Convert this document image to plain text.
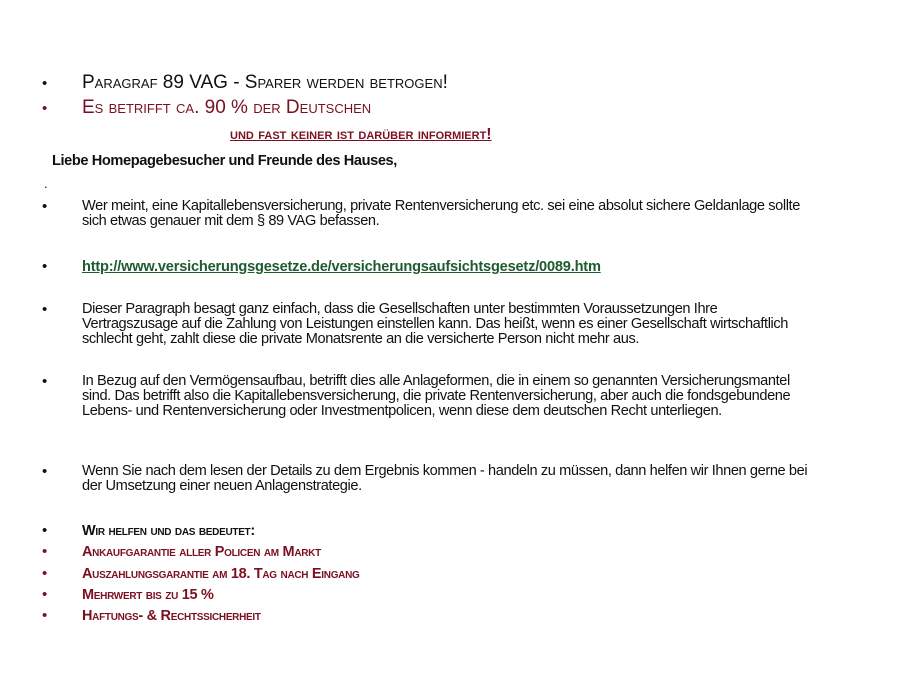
• Paragraf 89 VAG - Sparer werden betrogen!
• Es betrifft ca. 90 % der Deutschen
und fast keiner ist darüber informiert!
Liebe Homepagebesucher und Freunde des Hauses,
.
• Wer meint, eine Kapitallebensversicherung, private Rentenversicherung etc. sei eine absolut sichere Geldanlage sollte sich etwas genauer mit dem § 89 VAG befassen.
• http://www.versicherungsgesetze.de/versicherungsaufsichtsgesetz/0089.htm
• Dieser Paragraph besagt ganz einfach, dass die Gesellschaften unter bestimmten Voraussetzungen Ihre Vertragszusage auf die Zahlung von Leistungen einstellen kann. Das heißt, wenn es einer Gesellschaft wirtschaftlich schlecht geht, zahlt diese die private Monatsrente an die versicherte Person nicht mehr aus.
• In Bezug auf den Vermögensaufbau, betrifft dies alle Anlageformen, die in einem so genannten Versicherungsmantel sind. Das betrifft also die Kapitallebensversicherung, die private Rentenversicherung, aber auch die fondsgebundene Lebens- und Rentenversicherung oder Investmentpolicen, wenn diese dem deutschen Recht unterliegen.
• Wenn Sie nach dem lesen der Details zu dem Ergebnis kommen - handeln zu müssen, dann helfen wir Ihnen gerne bei der Umsetzung einer neuen Anlagenstrategie.
• Wir helfen und das bedeutet:
• Ankaufgarantie aller Policen am Markt
• Auszahlungsgarantie am 18. Tag nach Eingang
• Mehrwert bis zu 15 %
• Haftungs- & Rechtssicherheit
